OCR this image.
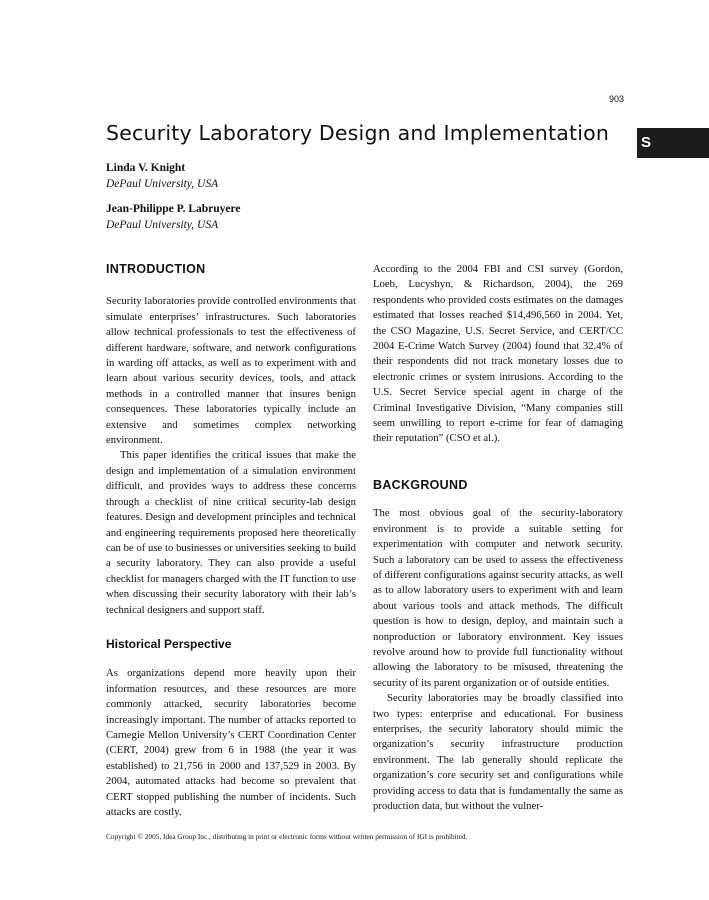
903
Security Laboratory Design and Implementation S
Linda V. Knight
DePaul University, USA
Jean-Philippe P. Labruyere
DePaul University, USA
INTRODUCTION

Security laboratories provide controlled environments that simulate enterprises’ infrastructures. Such laboratories allow technical professionals to test the effectiveness of different hardware, software, and network configurations in warding off attacks, as well as to experiment with and learn about various security devices, tools, and attack methods in a controlled manner that insures benign consequences. These laboratories typically include an extensive and sometimes complex networking environment.

This paper identifies the critical issues that make the design and implementation of a simulation environment difficult, and provides ways to address these concerns through a checklist of nine critical security-lab design features. Design and development principles and technical and engineering requirements proposed here theoretically can be of use to businesses or universities seeking to build a security laboratory. They can also provide a useful checklist for managers charged with the IT function to use when discussing their security laboratory with their lab’s technical designers and support staff.

Historical Perspective

As organizations depend more heavily upon their information resources, and these resources are more commonly attacked, security laboratories become increasingly important. The number of attacks reported to Carnegie Mellon University’s CERT Coordination Center (CERT, 2004) grew from 6 in 1988 (the year it was established) to 21,756 in 2000 and 137,529 in 2003. By 2004, automated attacks had become so prevalent that CERT stopped publishing the number of incidents. Such attacks are costly.

According to the 2004 FBI and CSI survey (Gordon, Loeb, Lucyshyn, & Richardson, 2004), the 269 respondents who provided costs estimates on the damages estimated that losses reached $14,496,560 in 2004. Yet, the CSO Magazine, U.S. Secret Service, and CERT/CC 2004 E-Crime Watch Survey (2004) found that 32.4% of their respondents did not track monetary losses due to electronic crimes or system intrusions. According to the U.S. Secret Service special agent in charge of the Criminal Investigative Division, “Many companies still seem unwilling to report e-crime for fear of damaging their reputation” (CSO et al.).

BACKGROUND

The most obvious goal of the security-laboratory environment is to provide a suitable setting for experimentation with computer and network security. Such a laboratory can be used to assess the effectiveness of different configurations against security attacks, as well as to allow laboratory users to experiment with and learn about various tools and attack methods. The difficult question is how to design, deploy, and maintain such a nonproduction or laboratory environment. Key issues revolve around how to provide full functionality without allowing the laboratory to be misused, threatening the security of its parent organization or of outside entities.

Security laboratories may be broadly classified into two types: enterprise and educational. For business enterprises, the security laboratory should mimic the organization’s security infrastructure production environment. The lab generally should replicate the organization’s core security set and configurations while providing access to data that is fundamentally the same as production data, but without the vulner-

Copyright © 2005, Idea Group Inc., distributing in print or electronic forms without written permission of IGI is prohibited.
